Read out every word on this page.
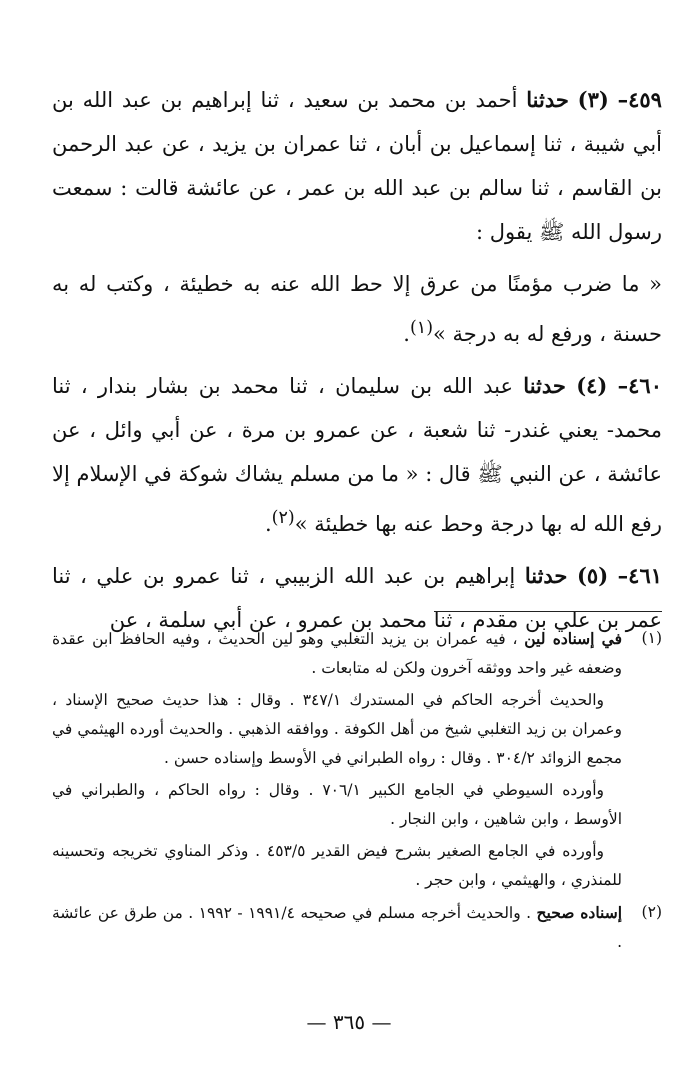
٤٥٩– (٣) حدثنا أحمد بن محمد بن سعيد ، ثنا إبراهيم بن عبد الله بن أبي شيبة ، ثنا إسماعيل بن أبان ، ثنا عمران بن يزيد ، عن عبد الرحمن بن القاسم ، ثنا سالم بن عبد الله بن عمر ، عن عائشة قالت : سمعت رسول الله ﷺ يقول :

« ما ضرب مؤمنًا من عرق إلا حط الله عنه به خطيئة ، وكتب له به حسنة ، ورفع له به درجة »$^{(١)}$.

٤٦٠– (٤) حدثنا عبد الله بن سليمان ، ثنا محمد بن بشار بندار ، ثنا محمد- يعني غندر- ثنا شعبة ، عن عمرو بن مرة ، عن أبي وائل ، عن عائشة ، عن النبي ﷺ قال : « ما من مسلم يشاك شوكة في الإسلام إلا رفع الله له بها درجة وحط عنه بها خطيئة »$^{(٢)}$.

٤٦١– (٥) حدثنا إبراهيم بن عبد الله الزبيبي ، ثنا عمرو بن علي ، ثنا عمر بن علي بن مقدم ، ثنا محمد بن عمرو ، عن أبي سلمة ، عن

(١)

في إسناده لين ، فيه عمران بن يزيد التغلبي وهو لين الحديث ، وفيه الحافظ ابن عقدة وضعفه غير واحد ووثقه آخرون ولكن له متابعات .

والحديث أخرجه الحاكم في المستدرك ٣٤٧/١ . وقال : هذا حديث صحيح الإسناد ، وعمران بن زيد التغلبي شيخ من أهل الكوفة . ووافقه الذهبي . والحديث أورده الهيثمي في مجمع الزوائد ٣٠٤/٢ . وقال : رواه الطبراني في الأوسط وإسناده حسن .

وأورده السيوطي في الجامع الكبير ٧٠٦/١ . وقال : رواه الحاكم ، والطبراني في الأوسط ، وابن شاهين ، وابن النجار .

وأورده في الجامع الصغير بشرح فيض القدير ٤٥٣/٥ . وذكر المناوي تخريجه وتحسينه للمنذري ، والهيثمي ، وابن حجر .

(٢)

إسناده صحيح . والحديث أخرجه مسلم في صحيحه ١٩٩١/٤ - ١٩٩٢ . من طرق عن عائشة .

— ٣٦٥ —
